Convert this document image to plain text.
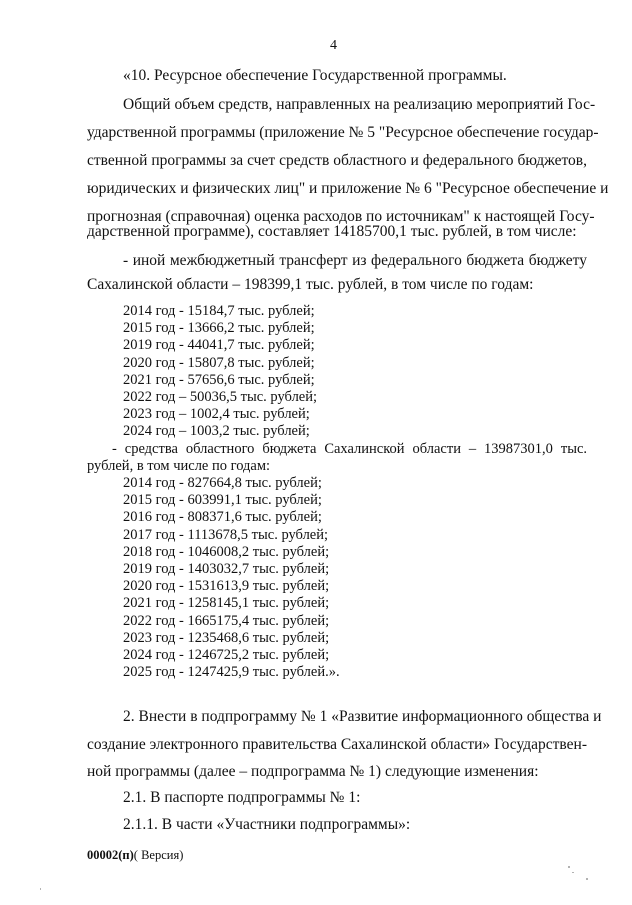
4
«10. Ресурсное обеспечение Государственной программы.
Общий объем средств, направленных на реализацию мероприятий Гос-
ударственной программы (приложение № 5 "Ресурсное обеспечение государ-
ственной программы за счет средств областного и федерального бюджетов,
юридических и физических лиц" и приложение № 6 "Ресурсное обеспечение и
прогнозная (справочная) оценка расходов по источникам" к настоящей Госу-
дарственной программе), составляет 14185700,1 тыс. рублей, в том числе:
- иной межбюджетный трансферт из федерального бюджета бюджету
Сахалинской области – 198399,1 тыс. рублей, в том числе по годам:
2014 год - 15184,7 тыс. рублей;
2015 год - 13666,2 тыс. рублей;
2019 год - 44041,7 тыс. рублей;
2020 год - 15807,8 тыс. рублей;
2021 год - 57656,6 тыс. рублей;
2022 год – 50036,5 тыс. рублей;
2023 год – 1002,4 тыс. рублей;
2024 год – 1003,2 тыс. рублей;
- средства областного бюджета Сахалинской области – 13987301,0 тыс.
рублей, в том числе по годам:
2014 год - 827664,8 тыс. рублей;
2015 год - 603991,1 тыс. рублей;
2016 год - 808371,6 тыс. рублей;
2017 год - 1113678,5 тыс. рублей;
2018 год - 1046008,2 тыс. рублей;
2019 год - 1403032,7 тыс. рублей;
2020 год - 1531613,9 тыс. рублей;
2021 год - 1258145,1 тыс. рублей;
2022 год - 1665175,4 тыс. рублей;
2023 год - 1235468,6 тыс. рублей;
2024 год - 1246725,2 тыс. рублей;
2025 год - 1247425,9 тыс. рублей.».
2. Внести в подпрограмму № 1 «Развитие информационного общества и
создание электронного правительства Сахалинской области» Государствен-
ной программы (далее – подпрограмма № 1) следующие изменения:
2.1. В паспорте подпрограммы № 1:
2.1.1. В части «Участники подпрограммы»:
00002(п)( Версия)
